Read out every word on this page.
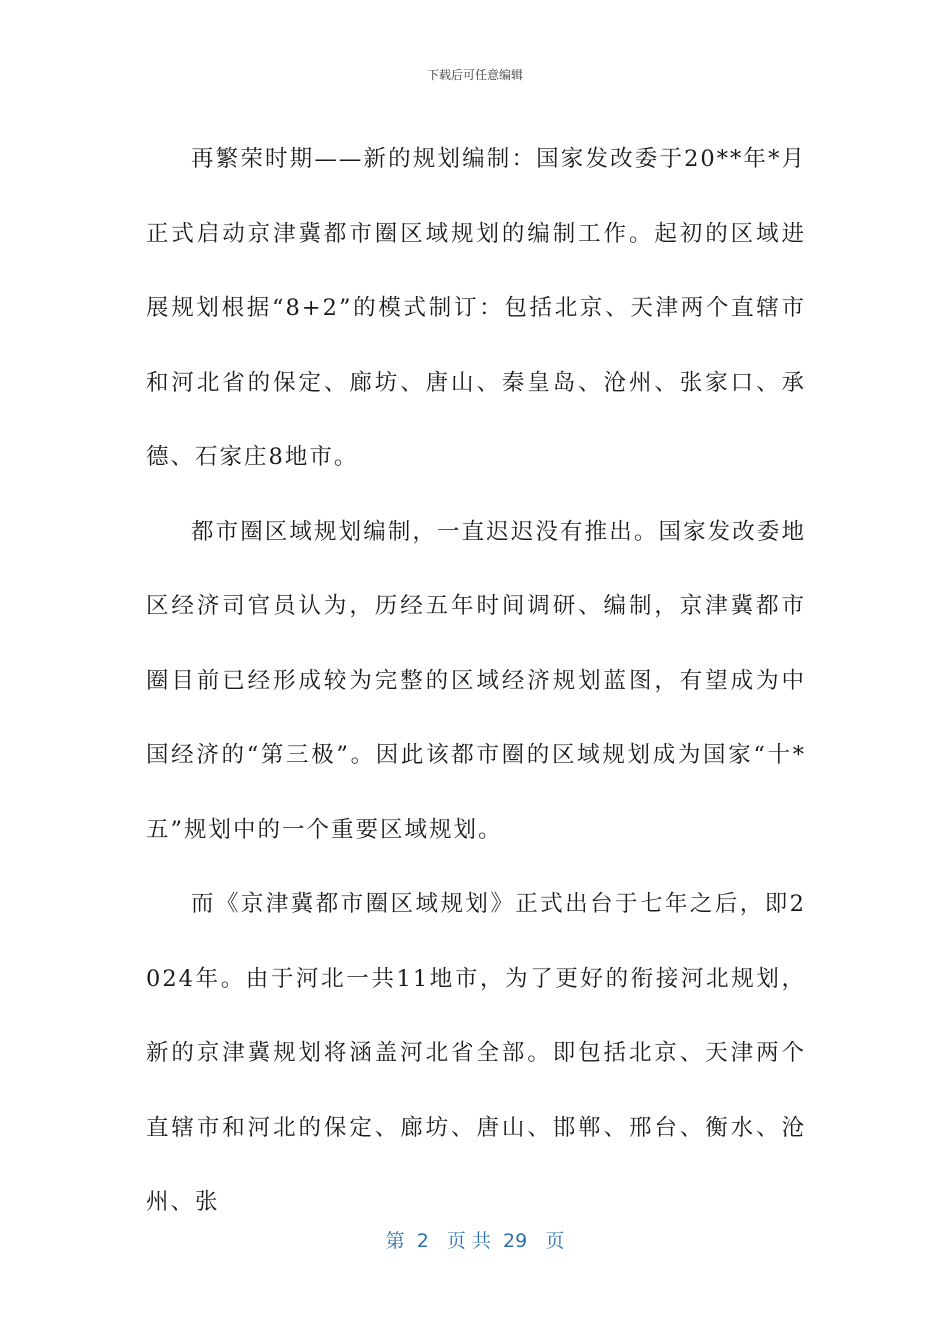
下载后可任意编辑

再繁荣时期——新的规划编制：国家发改委于20**年*月正式启动京津冀都市圈区域规划的编制工作。起初的区域进展规划根据“8+2”的模式制订：包括北京、天津两个直辖市和河北省的保定、廊坊、唐山、秦皇岛、沧州、张家口、承德、石家庄8地市。

都市圈区域规划编制，一直迟迟没有推出。国家发改委地区经济司官员认为，历经五年时间调研、编制，京津冀都市圈目前已经形成较为完整的区域经济规划蓝图，有望成为中国经济的“第三极”。因此该都市圈的区域规划成为国家“十*五”规划中的一个重要区域规划。

而《京津冀都市圈区域规划》正式出台于七年之后，即2024年。由于河北一共11地市，为了更好的衔接河北规划，新的京津冀规划将涵盖河北省全部。即包括北京、天津两个直辖市和河北的保定、廊坊、唐山、邯郸、邢台、衡水、沧州、张

第  2   页 共  29   页
